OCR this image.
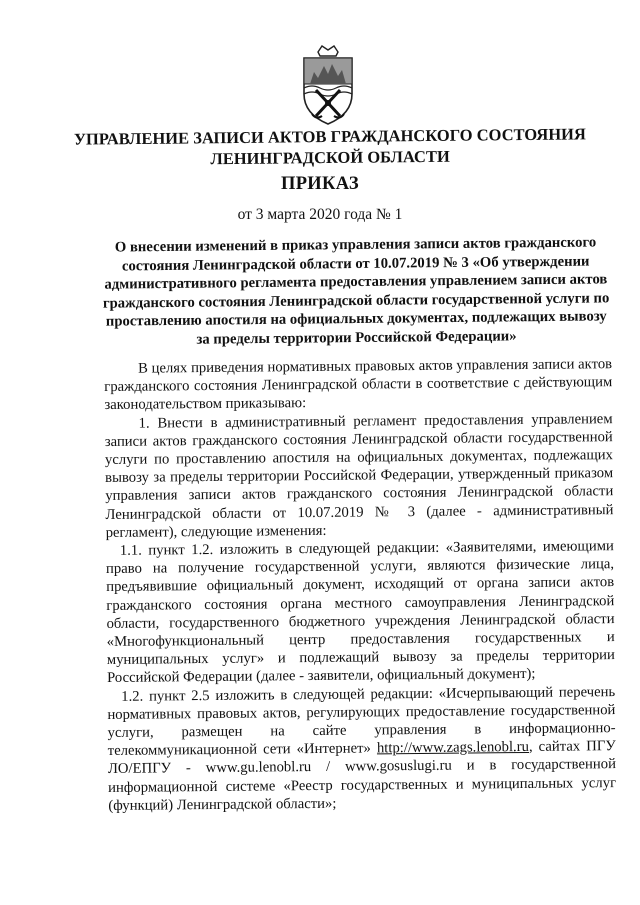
УПРАВЛЕНИЕ ЗАПИСИ АКТОВ ГРАЖДАНСКОГО СОСТОЯНИЯ
ЛЕНИНГРАДСКОЙ ОБЛАСТИ
ПРИКАЗ
от 3 марта 2020 года № 1
О внесении изменений в приказ управления записи актов гражданского состояния Ленинградской области от 10.07.2019 № 3 «Об утверждении административного регламента предоставления управлением записи актов гражданского состояния Ленинградской области государственной услуги по проставлению апостиля на официальных документах, подлежащих вывозу за пределы территории Российской Федерации»

В целях приведения нормативных правовых актов управления записи актов гражданского состояния Ленинградской области в соответствие с действующим законодательством приказываю:

1. Внести в административный регламент предоставления управлением записи актов гражданского состояния Ленинградской области государственной услуги по проставлению апостиля на официальных документах, подлежащих вывозу за пределы территории Российской Федерации, утвержденный приказом управления записи актов гражданского состояния Ленинградской области Ленинградской области от 10.07.2019 № 3 (далее - административный регламент), следующие изменения:

1.1. пункт 1.2. изложить в следующей редакции: «Заявителями, имеющими право на получение государственной услуги, являются физические лица, предъявившие официальный документ, исходящий от органа записи актов гражданского состояния органа местного самоуправления Ленинградской области, государственного бюджетного учреждения Ленинградской области «Многофункциональный центр предоставления государственных и муниципальных услуг» и подлежащий вывозу за пределы территории Российской Федерации (далее - заявители, официальный документ);

1.2. пункт 2.5 изложить в следующей редакции: «Исчерпывающий перечень нормативных правовых актов, регулирующих предоставление государственной услуги, размещен на сайте управления в информационно-телекоммуникационной сети «Интернет» http://www.zags.lenobl.ru, сайтах ПГУ ЛО/ЕПГУ - www.gu.lenobl.ru / www.gosuslugi.ru и в государственной информационной системе «Реестр государственных и муниципальных услуг (функций) Ленинградской области»;
